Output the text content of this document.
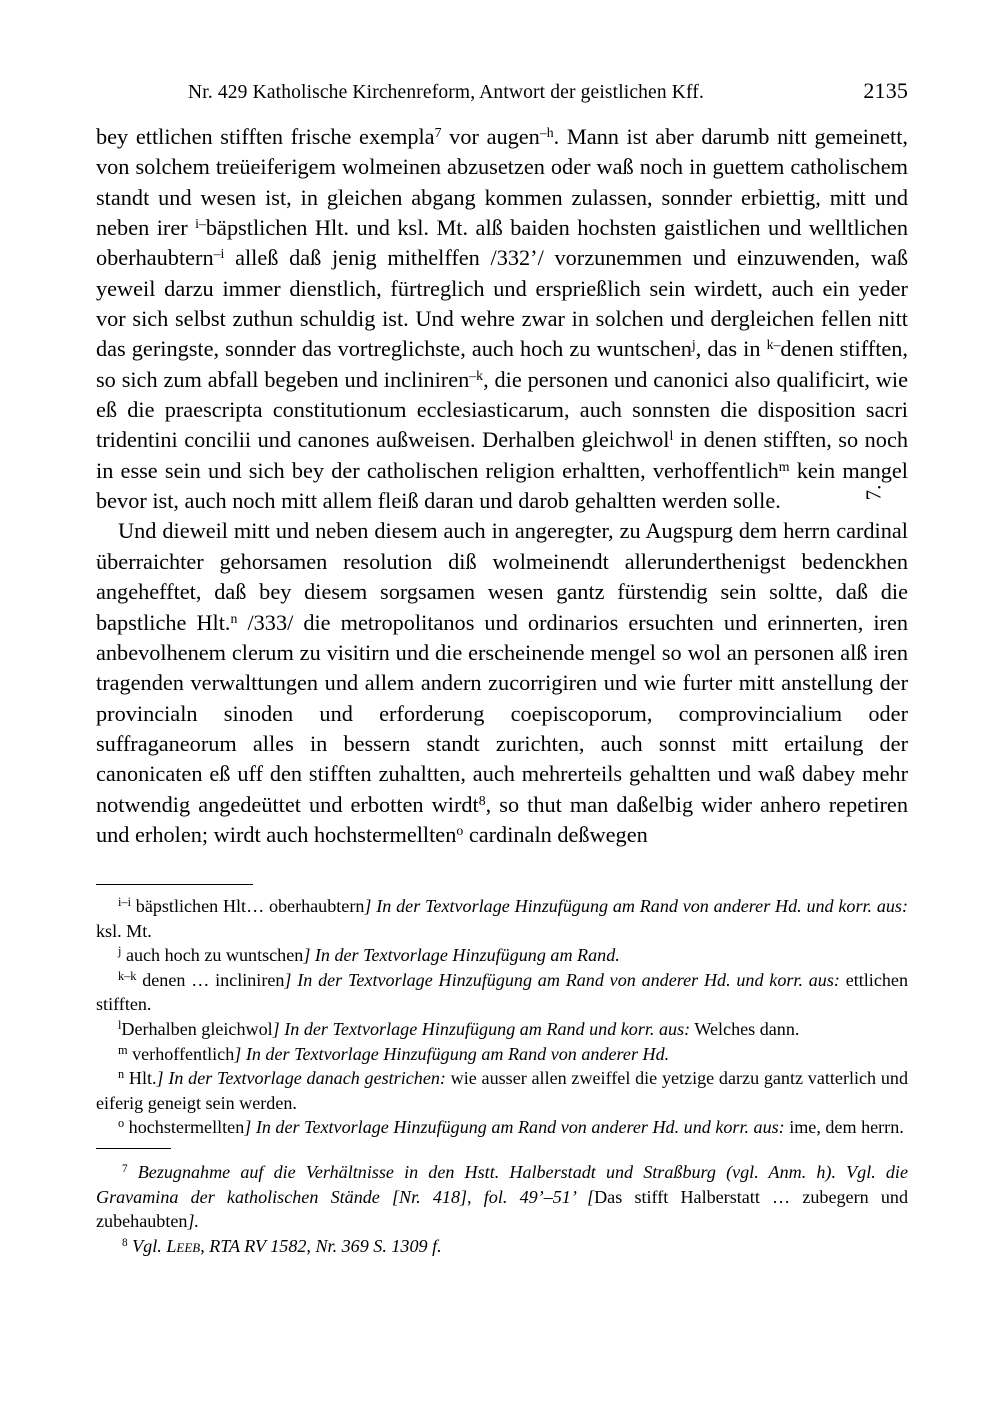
Nr. 429 Katholische Kirchenreform, Antwort der geistlichen Kff.	2135

bey ettlichen stifften frische exempla$^7$ vor augen$^{-h}$. Mann ist aber darumb nitt gemeinett, von solchem treüeiferigem wolmeinen abzusetzen oder waß noch in guettem catholischem standt und wesen ist, in gleichen abgang kommen zulassen, sonnder erbiettig, mitt und neben irer $^{i-}$bäpstlichen Hlt. und ksl. Mt. alß baiden hochsten gaistlichen und welltlichen oberhaubtern$^{-i}$ alleß daß jenig mithelffen /332’/ vorzunemmen und einzuwenden, waß yeweil darzu immer dienstlich, fürtreglich und ersprießlich sein wirdett, auch ein yeder vor sich selbst zuthun schuldig ist. Und wehre zwar in solchen und dergleichen fellen nitt das geringste, sonnder das vortreglichste, auch hoch zu wuntschen$^j$, das in $^{k-}$denen stifften, so sich zum abfall begeben und incliniren$^{-k}$, die personen und canonici also qualificirt, wie eß die praescripta constitutionum ecclesiasticarum, auch sonnsten die disposition sacri tridentini concilii und canones außweisen. Derhalben gleichwol$^l$ in denen stifften, so noch in esse sein und sich bey der catholischen religion erhaltten, verhoffentlich$^m$ kein mangel bevor ist, auch noch mitt allem fleiß daran und darob gehaltten werden solle.

Und dieweil mitt und neben diesem auch in angeregter, zu Augspurg dem herrn cardinal überraichter gehorsamen resolution diß wolmeinendt allerunderthenigst bedenckhen angehefftet, daß bey diesem sorgsamen wesen gantz fürstendig sein soltte, daß die bapstliche Hlt.$^n$ /333/ die metropolitanos und ordinarios ersuchten und erinnerten, iren anbevolhenem clerum zu visitirn und die erscheinende mengel so wol an personen alß iren tragenden verwalttungen und allem andern zucorrigiren und wie furter mitt anstellung der provincialn sinoden und erforderung coepiscoporum, comprovincialium oder suffraganeorum alles in bessern standt zurichten, auch sonnst mitt ertailung der canonicaten eß uff den stifften zuhaltten, auch mehrerteils gehaltten und waß dabey mehr notwendig angedeüttet und erbotten wirdt$^8$, so thut man daßelbig wider anhero repetiren und erholen; wirdt auch hochstermellten$^o$ cardinaln deßwegen

7.

$^{i-i}$ bäpstlichen Hlt… oberhaubtern] In der Textvorlage Hinzufügung am Rand von anderer Hd. und korr. aus: ksl. Mt.

$^j$ auch hoch zu wuntschen] In der Textvorlage Hinzufügung am Rand.

$^{k-k}$ denen … incliniren] In der Textvorlage Hinzufügung am Rand von anderer Hd. und korr. aus: ettlichen stifften.

$^l$Derhalben gleichwol] In der Textvorlage Hinzufügung am Rand und korr. aus: Welches dann.

$^m$ verhoffentlich] In der Textvorlage Hinzufügung am Rand von anderer Hd.

$^n$ Hlt.] In der Textvorlage danach gestrichen: wie ausser allen zweiffel die yetzige darzu gantz vatterlich und eiferig geneigt sein werden.

$^o$ hochstermellten] In der Textvorlage Hinzufügung am Rand von anderer Hd. und korr. aus: ime, dem herrn.

$^7$ Bezugnahme auf die Verhältnisse in den Hstt. Halberstadt und Straßburg (vgl. Anm. h). Vgl. die Gravamina der katholischen Stände [Nr. 418], fol. 49’–51’ [Das stifft Halberstatt … zubegern und zubehaubten].

$^8$ Vgl. Leeb, RTA RV 1582, Nr. 369 S. 1309 f.
